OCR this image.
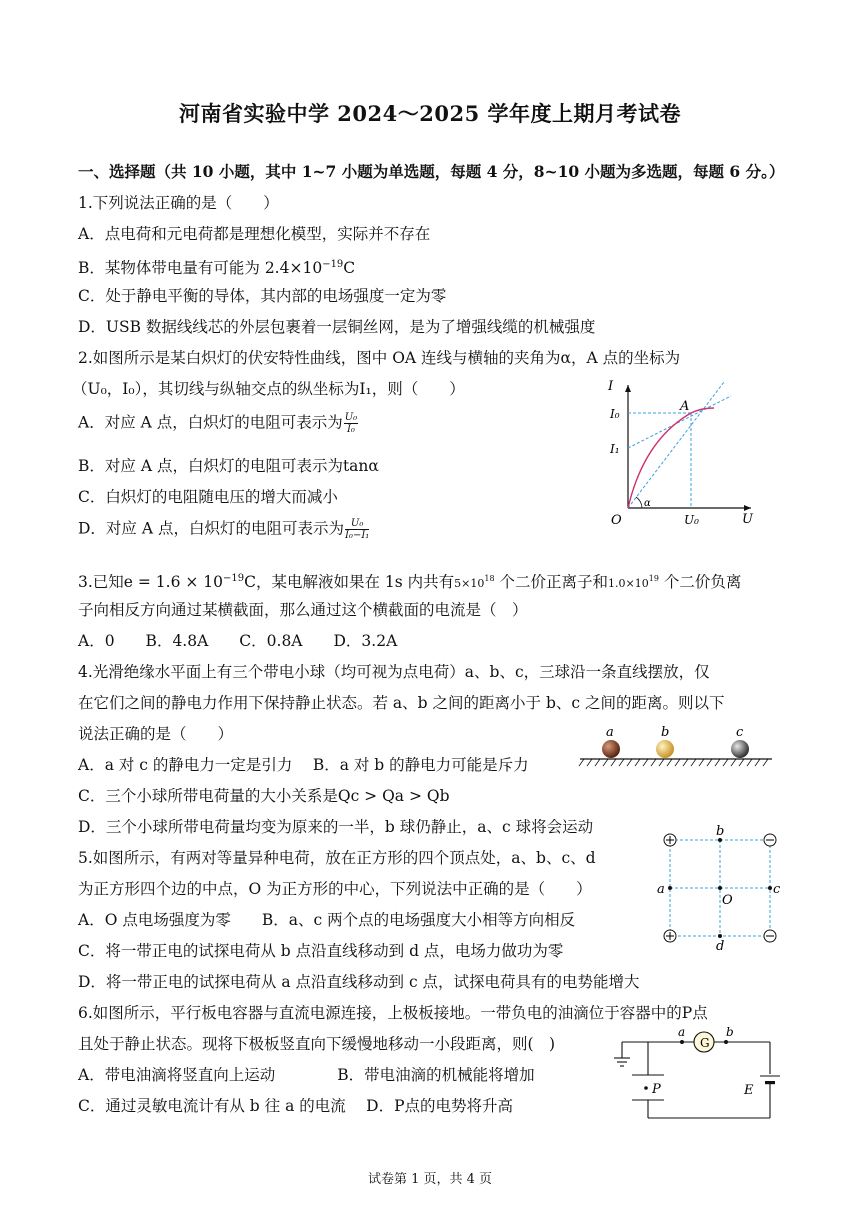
河南省实验中学 2024～2025 学年度上期月考试卷
一、选择题（共 10 小题，其中 1~7 小题为单选题，每题 4 分，8~10 小题为多选题，每题 6 分。）
1.下列说法正确的是（　　）
A．点电荷和元电荷都是理想化模型，实际并不存在
B．某物体带电量有可能为 $2.4\times 10^{-19}C$
C．处于静电平衡的导体，其内部的电场强度一定为零
D．USB 数据线线芯的外层包裹着一层铜丝网，是为了增强线缆的机械强度
2.如图所示是某白炽灯的伏安特性曲线，图中 OA 连线与横轴的夹角为α，A 点的坐标为
（U₀，I₀），其切线与纵轴交点的纵坐标为I₁，则（　　）
A．对应 A 点，白炽灯的电阻可表示为 $\frac{\text{U₀}}{\text{I₀}}$
B．对应 A 点，白炽灯的电阻可表示为tanα
C．白炽灯的电阻随电压的增大而减小
D．对应 A 点，白炽灯的电阻可表示为 $\frac{\text{U₀}}{\text{I₀−I₁}}$
I
U
O
A
I₀
I₁
U₀
α
3.已知$e = 1.6 \times 10^{-19}C$，某电解液如果在 1s 内共有$5\times 10^{18}$ 个二价正离子和$1.0\times 10^{19}$ 个二价负离
子向相反方向通过某横截面，那么通过这个横截面的电流是（　）
A．0　　B．4.8A　　C．0.8A　　D．3.2A
4.光滑绝缘水平面上有三个带电小球（均可视为点电荷）a、b、c，三球沿一条直线摆放，仅
在它们之间的静电力作用下保持静止状态。若 a、b 之间的距离小于 b、c 之间的距离。则以下
说法正确的是（　　）
A．a 对 c 的静电力一定是引力　 B．a 对 b 的静电力可能是斥力
C．三个小球所带电荷量的大小关系是Qc > Qa > Qb
D．三个小球所带电荷量均变为原来的一半，b 球仍静止，a、c 球将会运动
a	b	c
5.如图所示，有两对等量异种电荷，放在正方形的四个顶点处，a、b、c、d
为正方形四个边的中点，O 为正方形的中心，下列说法中正确的是（　　）
A．O 点电场强度为零　　B．a、c 两个点的电场强度大小相等方向相反
C．将一带正电的试探电荷从 b 点沿直线移动到 d 点，电场力做功为零
D．将一带正电的试探电荷从 a 点沿直线移动到 c 点，试探电荷具有的电势能增大
b
d
a	c
O
6.如图所示，平行板电容器与直流电源连接，上极板接地。一带负电的油滴位于容器中的P点
且处于静止状态。现将下极板竖直向下缓慢地移动一小段距离，则(　)
A．带电油滴将竖直向上运动　　　　B．带电油滴的机械能将增加
C．通过灵敏电流计有从 b 往 a 的电流　 D．P点的电势将升高
G
a	b
P	E
试卷第 1 页，共 4 页
